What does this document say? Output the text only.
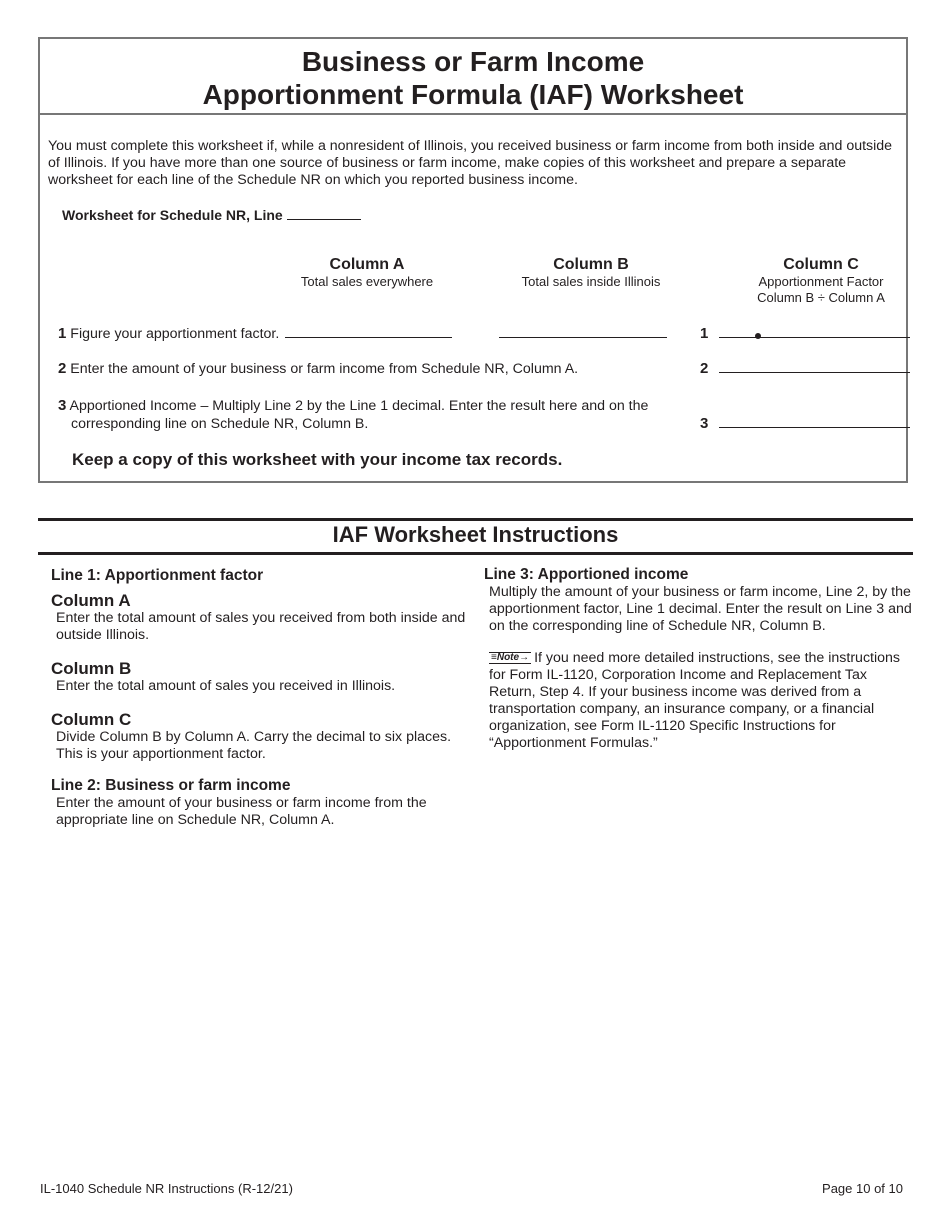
Business or Farm Income
Apportionment Formula (IAF) Worksheet
You must complete this worksheet if, while a nonresident of Illinois, you received business or farm income from both inside and outside of Illinois. If you have more than one source of business or farm income, make copies of this worksheet and prepare a separate worksheet for each line of the Schedule NR on which you reported business income.
Worksheet for Schedule NR, Line
Column A
Total sales everywhere
Column B
Total sales inside Illinois
Column C
Apportionment Factor
Column B ÷ Column A
1 Figure your apportionment factor.	1
2 Enter the amount of your business or farm income from Schedule NR, Column A.	2
3 Apportioned Income – Multiply Line 2 by the Line 1 decimal. Enter the result here and on the
corresponding line on Schedule NR, Column B.	3
Keep a copy of this worksheet with your income tax records.
IAF Worksheet Instructions
Line 1: Apportionment factor
Column A
Enter the total amount of sales you received from both inside and
outside Illinois.
Column B
Enter the total amount of sales you received in Illinois.
Column C
Divide Column B by Column A. Carry the decimal to six places.
This is your apportionment factor.
Line 2: Business or farm income
Enter the amount of your business or farm income from the
appropriate line on Schedule NR, Column A.
Line 3: Apportioned income
Multiply the amount of your business or farm income, Line 2, by the
apportionment factor, Line 1 decimal. Enter the result on Line 3 and
on the corresponding line of Schedule NR, Column B.
≡Note→ If you need more detailed instructions, see the instructions
for Form IL-1120, Corporation Income and Replacement Tax
Return, Step 4. If your business income was derived from a
transportation company, an insurance company, or a financial
organization, see Form IL-1120 Specific Instructions for
“Apportionment Formulas.”
IL-1040 Schedule NR Instructions (R-12/21)	Page 10 of 10
